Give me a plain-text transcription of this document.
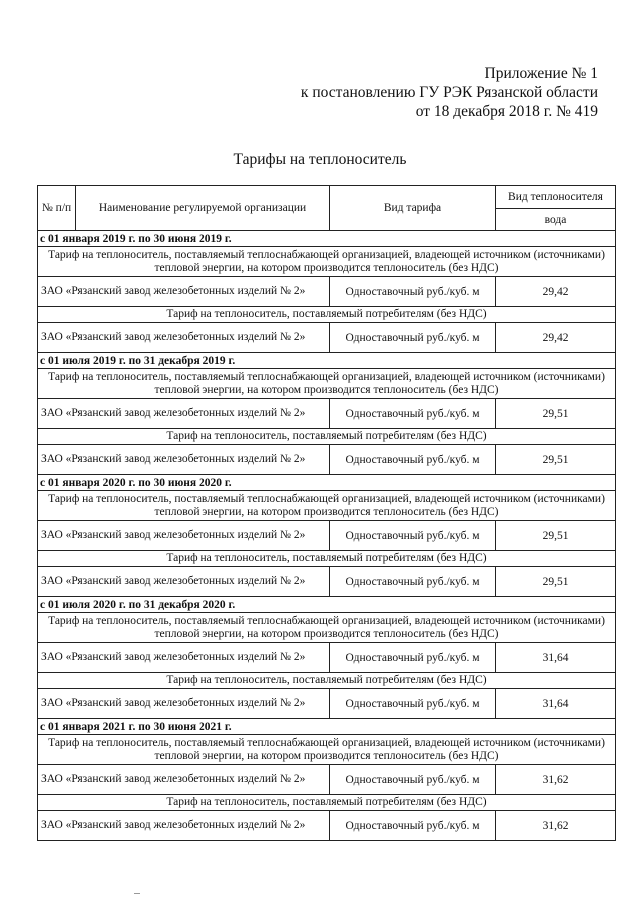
Приложение № 1
к постановлению ГУ РЭК Рязанской области
от 18 декабря 2018 г. № 419
Тарифы на теплоноситель
№ п/п	Наименование регулируемой организации	Вид тарифа	Вид теплоносителя
			вода
с 01 января 2019 г. по 30 июня 2019 г.			
Тариф на теплоноситель, поставляемый теплоснабжающей организацией, владеющей источником (источниками) тепловой энергии, на котором производится теплоноситель (без НДС)			
ЗАО «Рязанский завод железобетонных изделий № 2»		Одноставочный руб./куб. м	29,42
Тариф на теплоноситель, поставляемый потребителям (без НДС)			
ЗАО «Рязанский завод железобетонных изделий № 2»		Одноставочный руб./куб. м	29,42
с 01 июля 2019 г. по 31 декабря 2019 г.			
Тариф на теплоноситель, поставляемый теплоснабжающей организацией, владеющей источником (источниками) тепловой энергии, на котором производится теплоноситель (без НДС)			
ЗАО «Рязанский завод железобетонных изделий № 2»		Одноставочный руб./куб. м	29,51
Тариф на теплоноситель, поставляемый потребителям (без НДС)			
ЗАО «Рязанский завод железобетонных изделий № 2»		Одноставочный руб./куб. м	29,51
с 01 января 2020 г. по 30 июня 2020 г.			
Тариф на теплоноситель, поставляемый теплоснабжающей организацией, владеющей источником (источниками) тепловой энергии, на котором производится теплоноситель (без НДС)			
ЗАО «Рязанский завод железобетонных изделий № 2»		Одноставочный руб./куб. м	29,51
Тариф на теплоноситель, поставляемый потребителям (без НДС)			
ЗАО «Рязанский завод железобетонных изделий № 2»		Одноставочный руб./куб. м	29,51
с 01 июля 2020 г. по 31 декабря 2020 г.			
Тариф на теплоноситель, поставляемый теплоснабжающей организацией, владеющей источником (источниками) тепловой энергии, на котором производится теплоноситель (без НДС)			
ЗАО «Рязанский завод железобетонных изделий № 2»		Одноставочный руб./куб. м	31,64
Тариф на теплоноситель, поставляемый потребителям (без НДС)			
ЗАО «Рязанский завод железобетонных изделий № 2»		Одноставочный руб./куб. м	31,64
с 01 января 2021 г. по 30 июня 2021 г.			
Тариф на теплоноситель, поставляемый теплоснабжающей организацией, владеющей источником (источниками) тепловой энергии, на котором производится теплоноситель (без НДС)			
ЗАО «Рязанский завод железобетонных изделий № 2»		Одноставочный руб./куб. м	31,62
Тариф на теплоноситель, поставляемый потребителям (без НДС)			
ЗАО «Рязанский завод железобетонных изделий № 2»		Одноставочный руб./куб. м	31,62
